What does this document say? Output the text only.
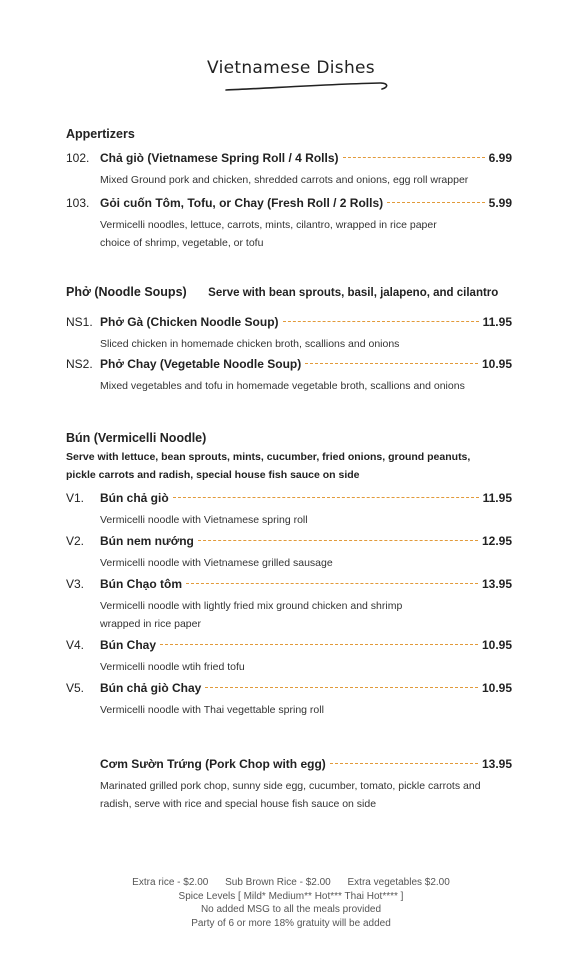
Vietnamese Dishes
Appertizers
102. Chả giò (Vietnamese Spring Roll / 4 Rolls)	6.99
Mixed Ground pork and chicken, shredded carrots and onions, egg roll wrapper
103. Gỏi cuốn Tôm, Tofu, or Chay (Fresh Roll / 2 Rolls)	5.99
Vermicelli noodles, lettuce, carrots, mints, cilantro, wrapped in rice paper
choice of shrimp, vegetable, or tofu
Phở (Noodle Soups) Serve with bean sprouts, basil, jalapeno, and cilantro
NS1. Phở Gà (Chicken Noodle Soup)	11.95
Sliced chicken in homemade chicken broth, scallions and onions
NS2. Phở Chay (Vegetable Noodle Soup)	10.95
Mixed vegetables and tofu in homemade vegetable broth, scallions and onions
Bún (Vermicelli Noodle)
Serve with lettuce, bean sprouts, mints, cucumber, fried onions, ground peanuts,
pickle carrots and radish, special house fish sauce on side
V1.	Bún chả giò	11.95
Vermicelli noodle with Vietnamese spring roll
V2.	Bún nem nướng	12.95
Vermicelli noodle with Vietnamese grilled sausage
V3.	Bún Chạo tôm	13.95
Vermicelli noodle with lightly fried mix ground chicken and shrimp
wrapped in rice paper
V4.	Bún Chay	10.95
Vermicelli noodle wtih fried tofu
V5.	Bún chả giò Chay	10.95
Vermicelli noodle with Thai vegettable spring roll
Cơm Sườn Trứng (Pork Chop with egg)	13.95
Marinated grilled pork chop, sunny side egg, cucumber, tomato, pickle carrots and
radish, serve with rice and special house fish sauce on side
Extra rice - $2.00 Sub Brown Rice - $2.00 Extra vegetables $2.00
Spice Levels [ Mild* Medium** Hot*** Thai Hot**** ]
No added MSG to all the meals provided
Party of 6 or more 18% gratuity will be added
